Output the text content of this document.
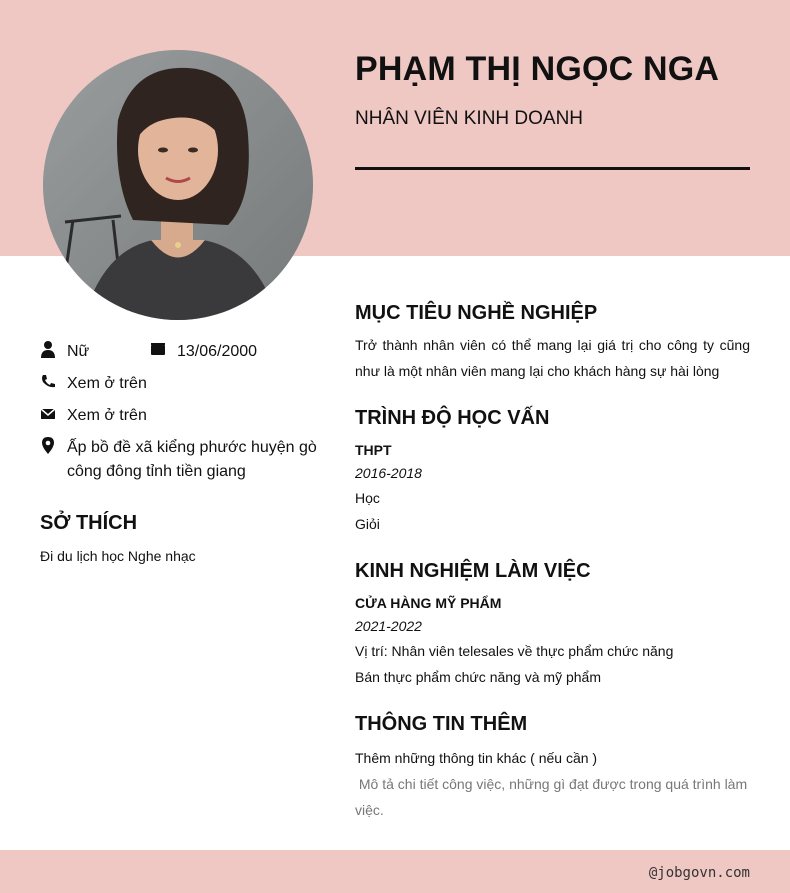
PHẠM THỊ NGỌC NGA
NHÂN VIÊN KINH DOANH
Nữ	13/06/2000
Xem ở trên
Xem ở trên
Ấp bồ đề xã kiểng phước huyện gò công đông tỉnh tiền giang
SỞ THÍCH
Đi du lịch học Nghe nhạc
MỤC TIÊU NGHỀ NGHIỆP
Trở thành nhân viên có thể mang lại giá trị cho công ty cũng như là một nhân viên mang lại cho khách hàng sự hài lòng
TRÌNH ĐỘ HỌC VẤN
THPT
2016-2018
Học
Giỏi
KINH NGHIỆM LÀM VIỆC
CỬA HÀNG MỸ PHẨM
2021-2022
Vị trí: Nhân viên telesales về thực phẩm chức năng
Bán thực phẩm chức năng và mỹ phẩm
THÔNG TIN THÊM
Thêm những thông tin khác ( nếu cần )
Mô tả chi tiết công việc, những gì đạt được trong quá trình làm việc.
@jobgovn.com
